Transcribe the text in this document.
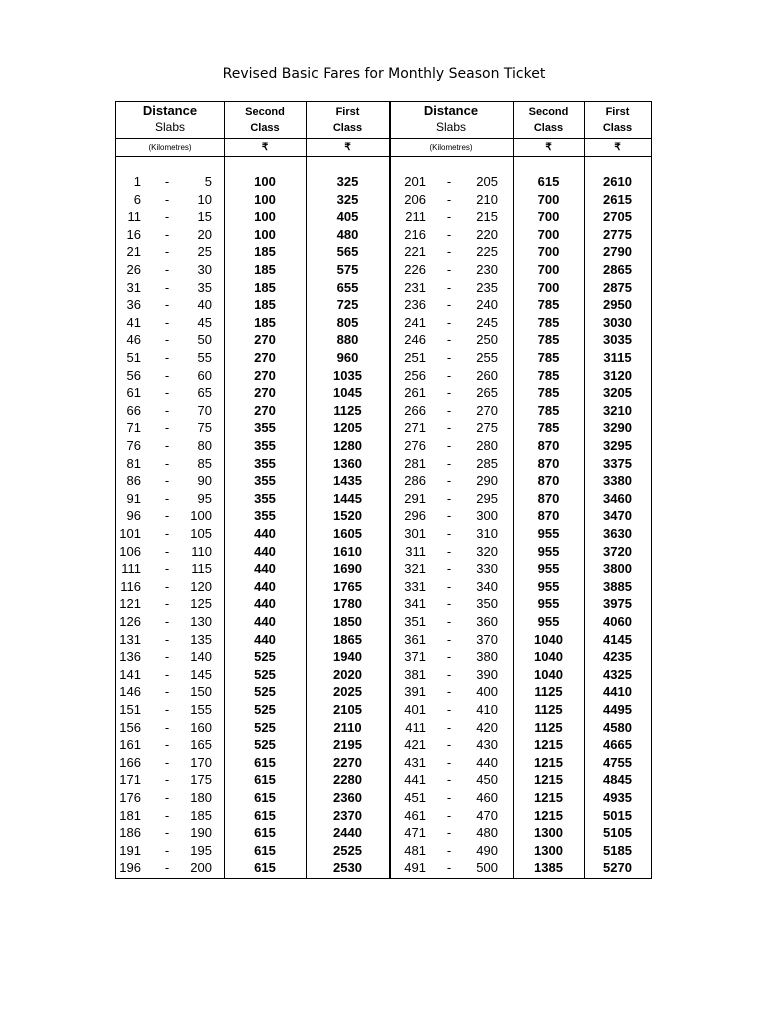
Revised Basic Fares for Monthly Season Ticket
Distance
Slabs
Second
Class
First
Class
Distance
Slabs
Second
Class
First
Class
(Kilometres)	₹	₹	(Kilometres)	₹	₹
1 -	5	100	325	201 -	205	615	2610
6 -	10	100	325	206 -	210	700	2615
11 -	15	100	405	211 -	215	700	2705
16 -	20	100	480	216 -	220	700	2775
21 -	25	185	565	221 -	225	700	2790
26 -	30	185	575	226 -	230	700	2865
31 -	35	185	655	231 -	235	700	2875
36 -	40	185	725	236 -	240	785	2950
41 -	45	185	805	241 -	245	785	3030
46 -	50	270	880	246 -	250	785	3035
51 -	55	270	960	251 -	255	785	3115
56 -	60	270	1035	256 -	260	785	3120
61 -	65	270	1045	261 -	265	785	3205
66 -	70	270	1125	266 -	270	785	3210
71 -	75	355	1205	271 -	275	785	3290
76 -	80	355	1280	276 -	280	870	3295
81 -	85	355	1360	281 -	285	870	3375
86 -	90	355	1435	286 -	290	870	3380
91 -	95	355	1445	291 -	295	870	3460
96 -	100	355	1520	296 -	300	870	3470
101 -	105	440	1605	301 -	310	955	3630
106 -	110	440	1610	311 -	320	955	3720
111 -	115	440	1690	321 -	330	955	3800
116 -	120	440	1765	331 -	340	955	3885
121 -	125	440	1780	341 -	350	955	3975
126 -	130	440	1850	351 -	360	955	4060
131 -	135	440	1865	361 -	370	1040	4145
136 -	140	525	1940	371 -	380	1040	4235
141 -	145	525	2020	381 -	390	1040	4325
146 -	150	525	2025	391 -	400	1125	4410
151 -	155	525	2105	401 -	410	1125	4495
156 -	160	525	2110	411 -	420	1125	4580
161 -	165	525	2195	421 -	430	1215	4665
166 -	170	615	2270	431 -	440	1215	4755
171 -	175	615	2280	441 -	450	1215	4845
176 -	180	615	2360	451 -	460	1215	4935
181 -	185	615	2370	461 -	470	1215	5015
186 -	190	615	2440	471 -	480	1300	5105
191 -	195	615	2525	481 -	490	1300	5185
196 -	200	615	2530	491 -	500	1385	5270
